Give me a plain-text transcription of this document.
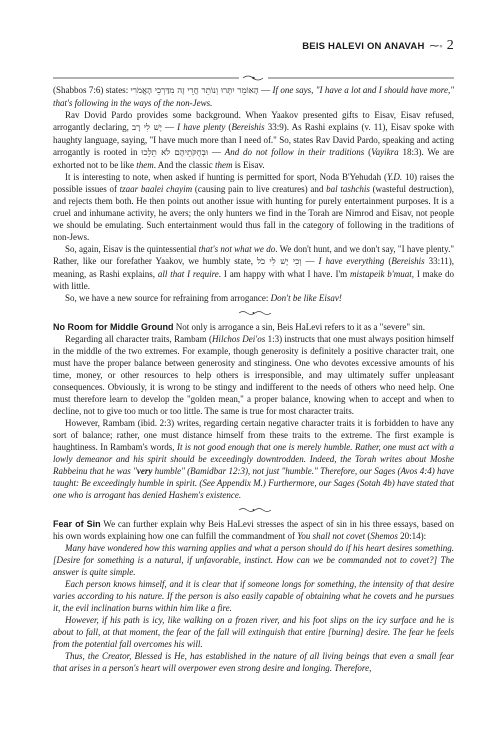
BEIS HALEVI ON ANAVAH ⁓◦ 2

(Shabbos 7:6) states: הָאוֹמֵר יִתְּרוּ וְנוֹתֵר חֲרֵי זֶה מִדַּרְכֵי הָאֱמֹרִי — If one says, "I have a lot and I should have more," that's following in the ways of the non-Jews.

Rav Dovid Pardo provides some background. When Yaakov presented gifts to Eisav, Eisav refused, arrogantly declaring, יֶשׁ לִי רָב — I have plenty (Bereishis 33:9). As Rashi explains (v. 11), Eisav spoke with haughty language, saying, "I have much more than I need of." So, states Rav David Pardo, speaking and acting arrogantly is rooted in וּבְחֻקֹּתֵיהֶם לֹא תֵלֵכוּ — And do not follow in their traditions (Vayikra 18:3). We are exhorted not to be like them. And the classic them is Eisav.

It is interesting to note, when asked if hunting is permitted for sport, Noda B'Yehudah (Y.D. 10) raises the possible issues of tzaar baalei chayim (causing pain to live creatures) and bal tashchis (wasteful destruction), and rejects them both. He then points out another issue with hunting for purely entertainment purposes. It is a cruel and inhumane activity, he avers; the only hunters we find in the Torah are Nimrod and Eisav, not people we should be emulating. Such entertainment would thus fall in the category of following in the traditions of non-Jews.

So, again, Eisav is the quintessential that's not what we do. We don't hunt, and we don't say, "I have plenty." Rather, like our forefather Yaakov, we humbly state, וְכִי יֶשׁ לִי כֹל — I have everything (Bereishis 33:11), meaning, as Rashi explains, all that I require. I am happy with what I have. I'm mistapeik b'muat, I make do with little.

So, we have a new source for refraining from arrogance: Don't be like Eisav!

No Room for Middle Ground Not only is arrogance a sin, Beis HaLevi refers to it as a "severe" sin.

Regarding all character traits, Rambam (Hilchos Dei'os 1:3) instructs that one must always position himself in the middle of the two extremes. For example, though generosity is definitely a positive character trait, one must have the proper balance between generosity and stinginess. One who devotes excessive amounts of his time, money, or other resources to help others is irresponsible, and may ultimately suffer unpleasant consequences. Obviously, it is wrong to be stingy and indifferent to the needs of others who need help. One must therefore learn to develop the "golden mean," a proper balance, knowing when to accept and when to decline, not to give too much or too little. The same is true for most character traits.

However, Rambam (ibid. 2:3) writes, regarding certain negative character traits it is forbidden to have any sort of balance; rather, one must distance himself from these traits to the extreme. The first example is haughtiness. In Rambam's words, It is not good enough that one is merely humble. Rather, one must act with a lowly demeanor and his spirit should be exceedingly downtrodden. Indeed, the Torah writes about Moshe Rabbeinu that he was "very humble" (Bamidbar 12:3), not just "humble." Therefore, our Sages (Avos 4:4) have taught: Be exceedingly humble in spirit. (See Appendix M.) Furthermore, our Sages (Sotah 4b) have stated that one who is arrogant has denied Hashem's existence.

Fear of Sin We can further explain why Beis HaLevi stresses the aspect of sin in his three essays, based on his own words explaining how one can fulfill the commandment of You shall not covet (Shemos 20:14):

Many have wondered how this warning applies and what a person should do if his heart desires something. [Desire for something is a natural, if unfavorable, instinct. How can we be commanded not to covet?] The answer is quite simple.

Each person knows himself, and it is clear that if someone longs for something, the intensity of that desire varies according to his nature. If the person is also easily capable of obtaining what he covets and he pursues it, the evil inclination burns within him like a fire.

However, if his path is icy, like walking on a frozen river, and his foot slips on the icy surface and he is about to fall, at that moment, the fear of the fall will extinguish that entire [burning] desire. The fear he feels from the potential fall overcomes his will.

Thus, the Creator, Blessed is He, has established in the nature of all living beings that even a small fear that arises in a person's heart will overpower even strong desire and longing. Therefore,
